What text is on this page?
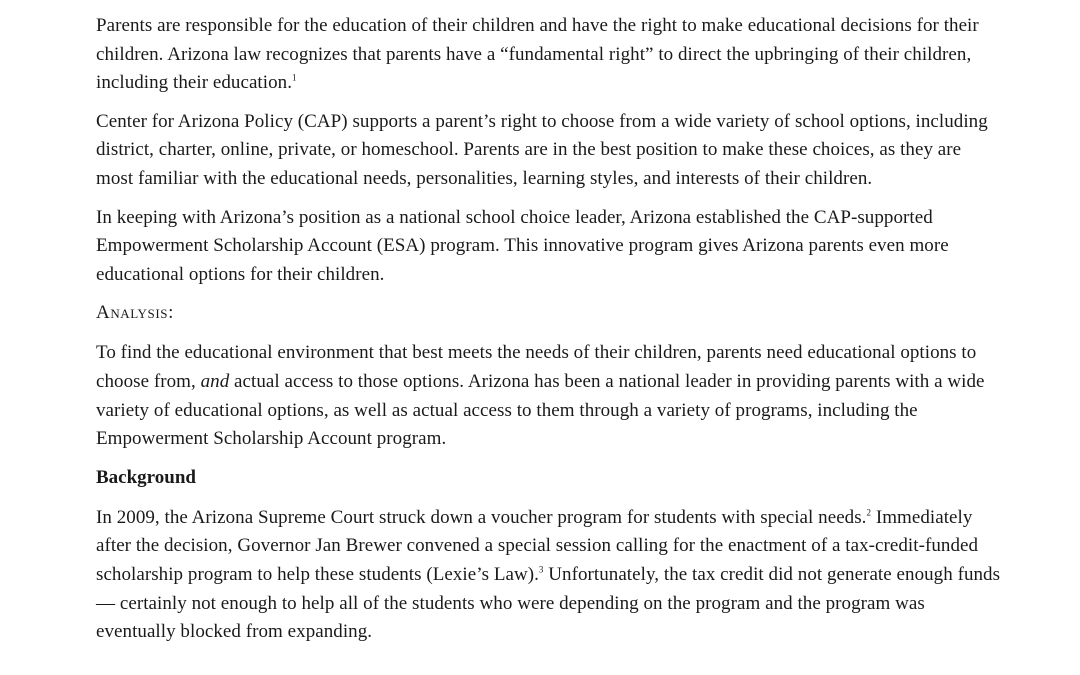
Parents are responsible for the education of their children and have the right to make educational decisions for their children. Arizona law recognizes that parents have a “fundamental right” to direct the upbringing of their children, including their education.$^1$

Center for Arizona Policy (CAP) supports a parent’s right to choose from a wide variety of school options, including district, charter, online, private, or homeschool. Parents are in the best position to make these choices, as they are most familiar with the educational needs, personalities, learning styles, and interests of their children.

In keeping with Arizona’s position as a national school choice leader, Arizona established the CAP-supported Empowerment Scholarship Account (ESA) program. This innovative program gives Arizona parents even more educational options for their children.

Analysis:

To find the educational environment that best meets the needs of their children, parents need educational options to choose from, and actual access to those options. Arizona has been a national leader in providing parents with a wide variety of educational options, as well as actual access to them through a variety of programs, including the Empowerment Scholarship Account program.

Background

In 2009, the Arizona Supreme Court struck down a voucher program for students with special needs.$^2$ Immediately after the decision, Governor Jan Brewer convened a special session calling for the enactment of a tax-credit-funded scholarship program to help these students (Lexie’s Law).$^3$ Unfortunately, the tax credit did not generate enough funds— certainly not enough to help all of the students who were depending on the program and the program was eventually blocked from expanding.
